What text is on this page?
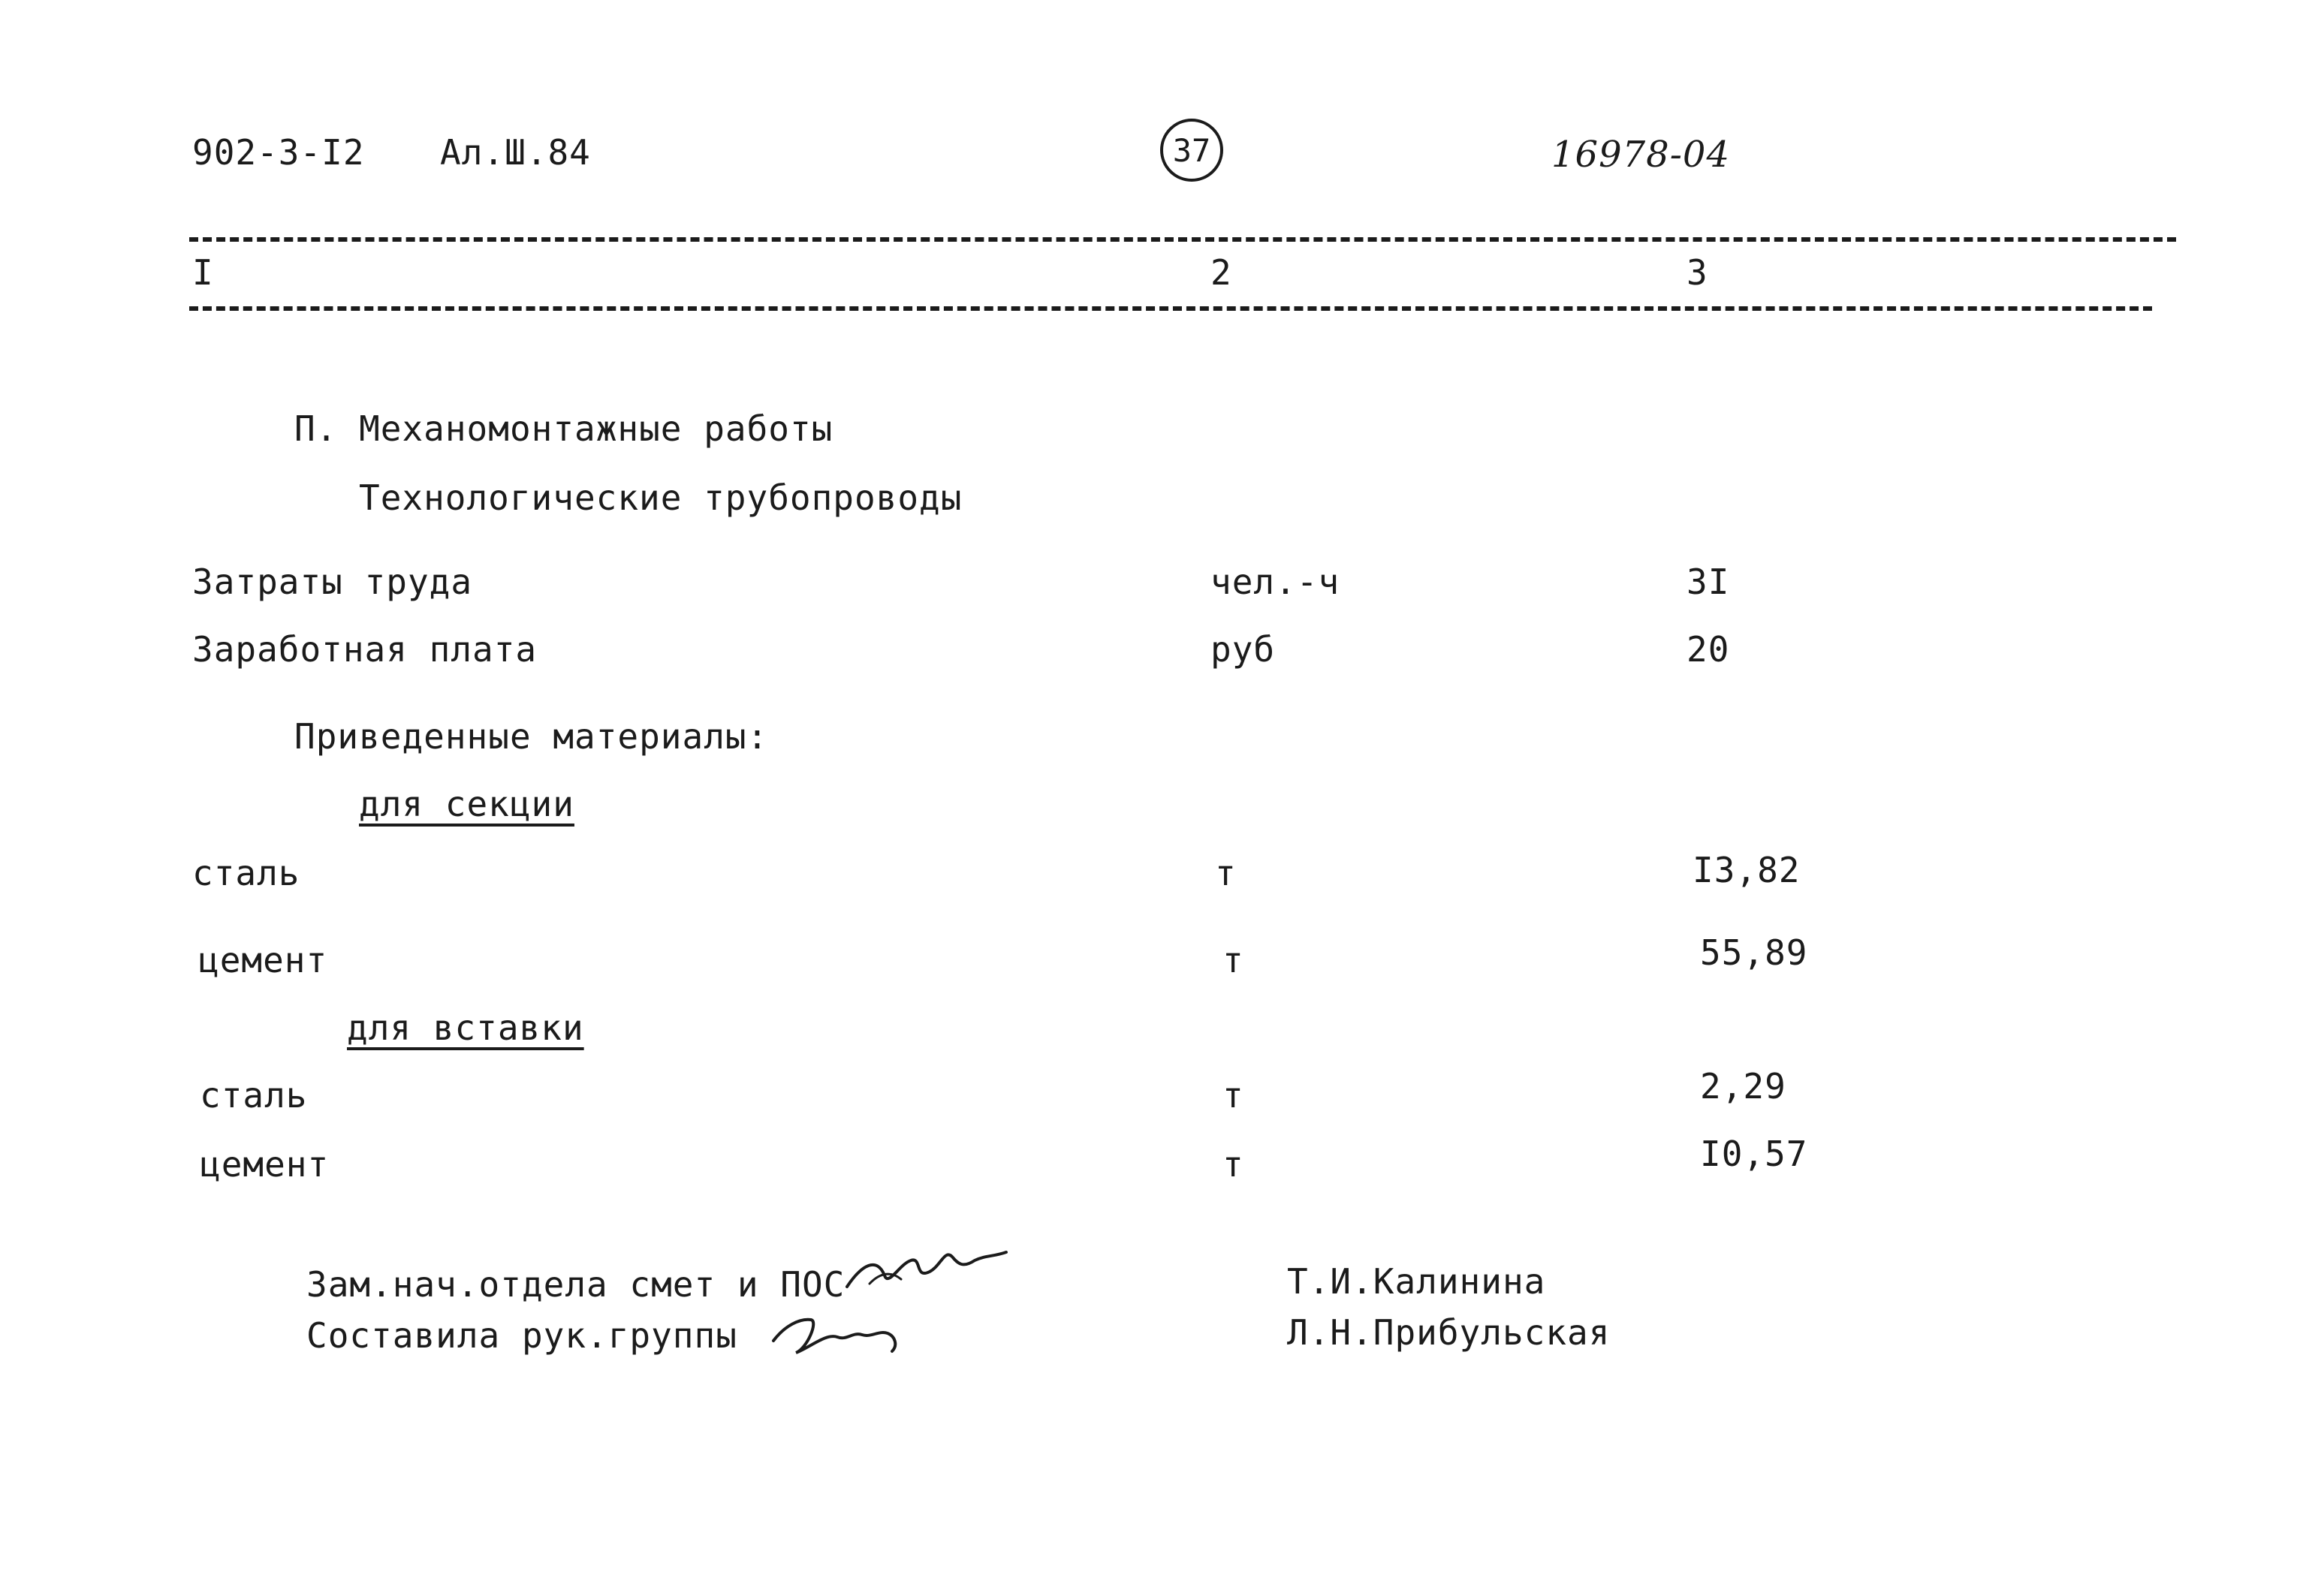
902-3-I2 Ал.Ш.84	37	16978-04
I	2	3
П. Механомонтажные работы
Технологические трубопроводы
Затраты труда	чел.-ч	3I
Заработная плата	руб	20
Приведенные материалы:
для секции
сталь	т	I3,82
цемент	т	55,89
для вставки
сталь	т	2,29
цемент	т	I0,57
Зам.нач.отдела смет и ПОС	Т.И.Калинина
Составила рук.группы	Л.Н.Прибульская
